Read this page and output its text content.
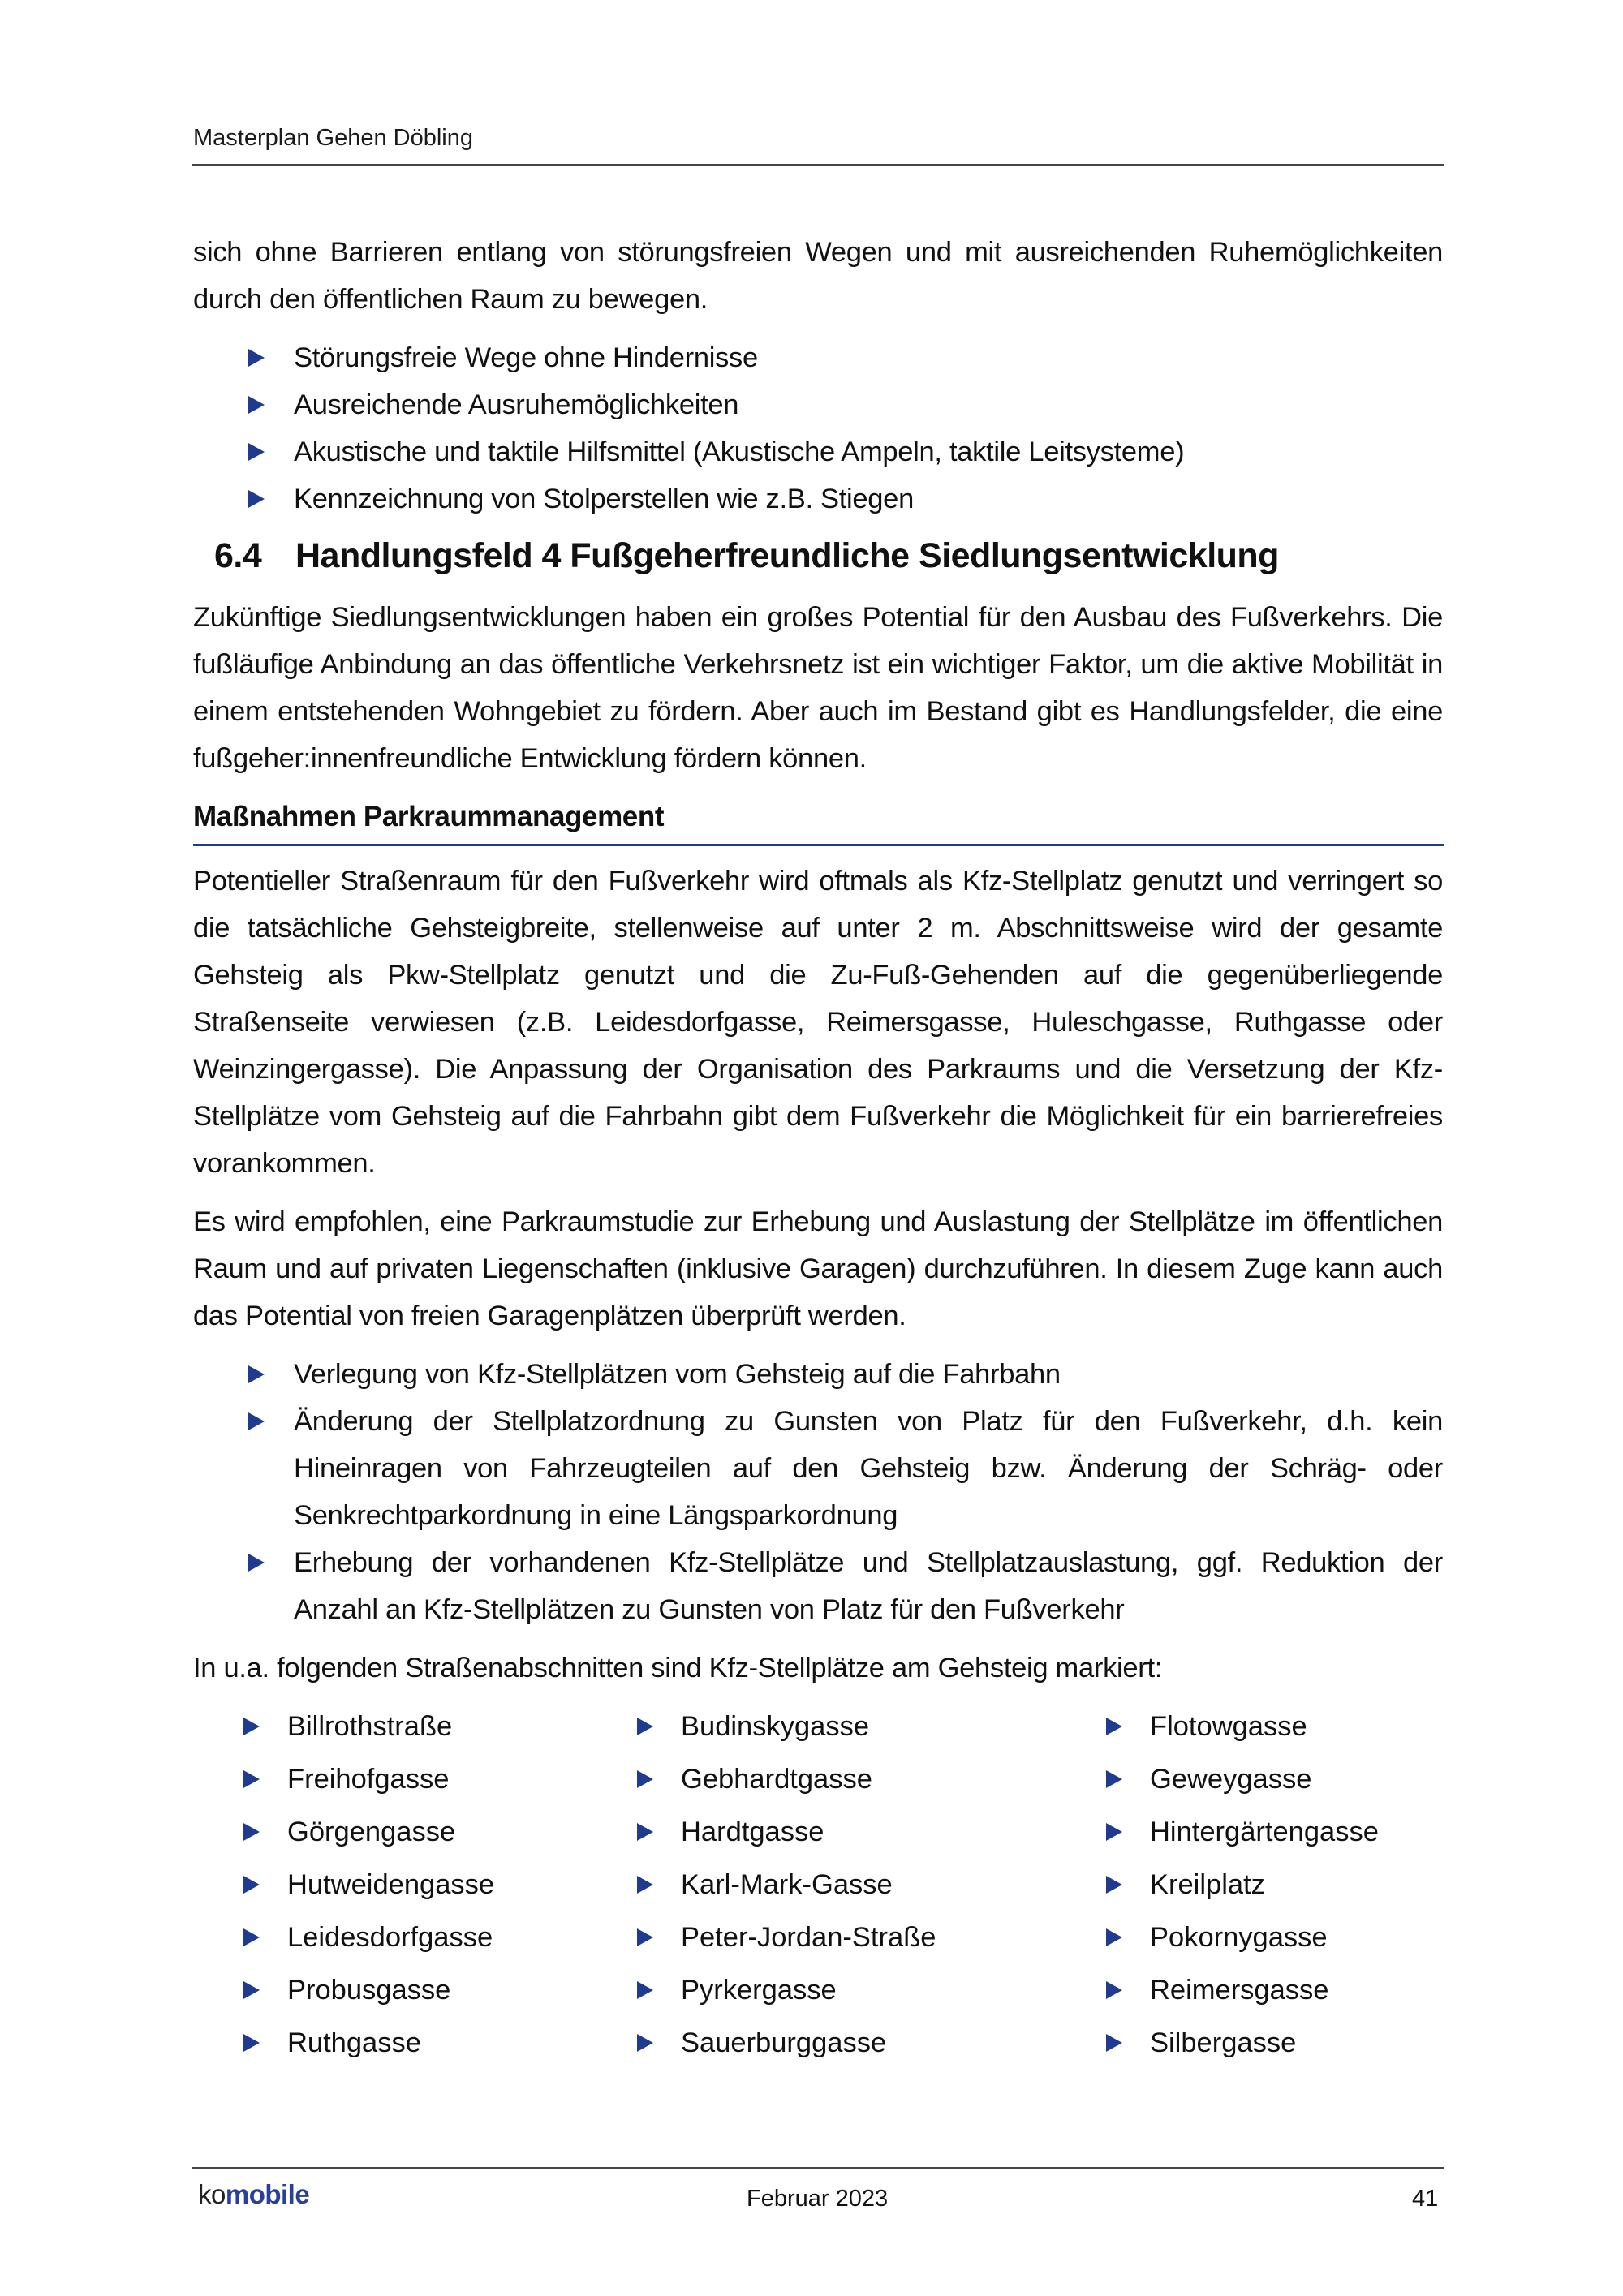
Masterplan Gehen Döbling

sich ohne Barrieren entlang von störungsfreien Wegen und mit ausreichenden Ruhemöglichkeiten durch den öffentlichen Raum zu bewegen.

Störungsfreie Wege ohne Hindernisse
Ausreichende Ausruhemöglichkeiten
Akustische und taktile Hilfsmittel (Akustische Ampeln, taktile Leitsysteme)
Kennzeichnung von Stolperstellen wie z.B. Stiegen
6.4 Handlungsfeld 4 Fußgeherfreundliche Siedlungsentwicklung

Zukünftige Siedlungsentwicklungen haben ein großes Potential für den Ausbau des Fußverkehrs. Die fußläufige Anbindung an das öffentliche Verkehrsnetz ist ein wichtiger Faktor, um die aktive Mobilität in einem entstehenden Wohngebiet zu fördern. Aber auch im Bestand gibt es Handlungsfelder, die eine fußgeher:innenfreundliche Entwicklung fördern können.

Maßnahmen Parkraummanagement

Potentieller Straßenraum für den Fußverkehr wird oftmals als Kfz-Stellplatz genutzt und verringert so die tatsächliche Gehsteigbreite, stellenweise auf unter 2 m. Abschnittsweise wird der gesamte Gehsteig als Pkw-Stellplatz genutzt und die Zu-Fuß-Gehenden auf die gegenüberliegende Straßenseite verwiesen (z.B. Leidesdorfgasse, Reimersgasse, Huleschgasse, Ruthgasse oder Weinzingergasse). Die Anpassung der Organisation des Parkraums und die Versetzung der Kfz-Stellplätze vom Gehsteig auf die Fahrbahn gibt dem Fußverkehr die Möglichkeit für ein barrierefreies vorankommen.

Es wird empfohlen, eine Parkraumstudie zur Erhebung und Auslastung der Stellplätze im öffentlichen Raum und auf privaten Liegenschaften (inklusive Garagen) durchzuführen. In diesem Zuge kann auch das Potential von freien Garagenplätzen überprüft werden.

Verlegung von Kfz-Stellplätzen vom Gehsteig auf die Fahrbahn
Änderung der Stellplatzordnung zu Gunsten von Platz für den Fußverkehr, d.h. kein Hineinragen von Fahrzeugteilen auf den Gehsteig bzw. Änderung der Schräg- oder Senkrechtparkordnung in eine Längsparkordnung
Erhebung der vorhandenen Kfz-Stellplätze und Stellplatzauslastung, ggf. Reduktion der Anzahl an Kfz-Stellplätzen zu Gunsten von Platz für den Fußverkehr

In u.a. folgenden Straßenabschnitten sind Kfz-Stellplätze am Gehsteig markiert:

Billrothstraße	Budinskygasse	Flotowgasse
Freihofgasse	Gebhardtgasse	Geweygasse
Görgengasse	Hardtgasse	Hintergärtengasse
Hutweidengasse	Karl-Mark-Gasse	Kreilplatz
Leidesdorfgasse	Peter-Jordan-Straße	Pokornygasse
Probusgasse	Pyrkergasse	Reimersgasse
Ruthgasse	Sauerburggasse	Silbergasse
komobile	Februar 2023	41
